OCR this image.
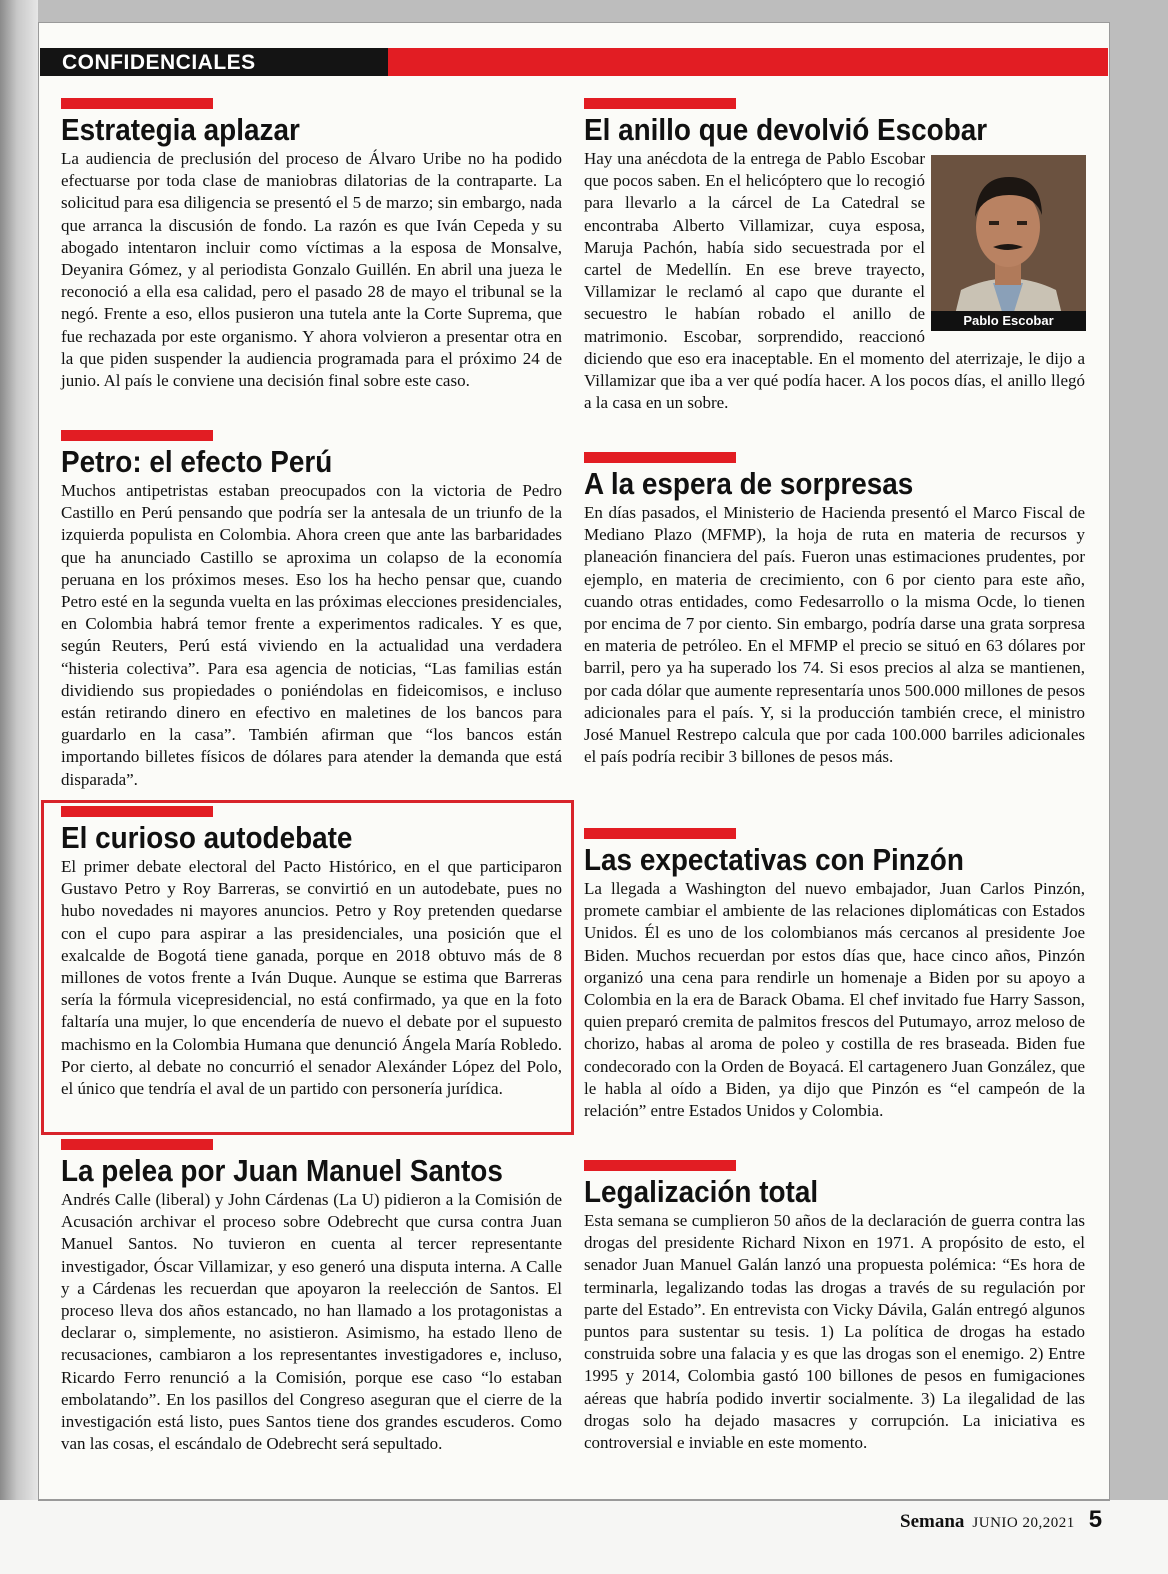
CONFIDENCIALES
Estrategia aplazar

La audiencia de preclusión del proceso de Álvaro Uribe no ha podido efectuarse por toda clase de maniobras dilatorias de la contraparte. La solicitud para esa diligencia se presentó el 5 de marzo; sin embargo, nada que arranca la discusión de fondo. La razón es que Iván Cepeda y su abogado intentaron incluir como víctimas a la esposa de Monsalve, Deyanira Gómez, y al periodista Gonzalo Guillén. En abril una jueza le reconoció a ella esa calidad, pero el pasado 28 de mayo el tribunal se la negó. Frente a eso, ellos pusieron una tutela ante la Corte Suprema, que fue rechazada por este organismo. Y ahora volvieron a presentar otra en la que piden suspender la audiencia programada para el próximo 24 de junio. Al país le conviene una decisión final sobre este caso.

Petro: el efecto Perú

Muchos antipetristas estaban preocupados con la victoria de Pedro Castillo en Perú pensando que podría ser la antesala de un triunfo de la izquierda populista en Colombia. Ahora creen que ante las barbaridades que ha anunciado Castillo se aproxima un colapso de la economía peruana en los próximos meses. Eso los ha hecho pensar que, cuando Petro esté en la segunda vuelta en las próximas elecciones presidenciales, en Colombia habrá temor frente a experimentos radicales. Y es que, según Reuters, Perú está viviendo en la actualidad una verdadera “histeria colectiva”. Para esa agencia de noticias, “Las familias están dividiendo sus propiedades o poniéndolas en fideicomisos, e incluso están retirando dinero en efectivo en maletines de los bancos para guardarlo en la casa”. También afirman que “los bancos están importando billetes físicos de dólares para atender la demanda que está disparada”.

El curioso autodebate

El primer debate electoral del Pacto Histórico, en el que participaron Gustavo Petro y Roy Barreras, se convirtió en un autodebate, pues no hubo novedades ni mayores anuncios. Petro y Roy pretenden quedarse con el cupo para aspirar a las presidenciales, una posición que el exalcalde de Bogotá tiene ganada, porque en 2018 obtuvo más de 8 millones de votos frente a Iván Duque. Aunque se estima que Barreras sería la fórmula vicepresidencial, no está confirmado, ya que en la foto faltaría una mujer, lo que encendería de nuevo el debate por el supuesto machismo en la Colombia Humana que denunció Ángela María Robledo. Por cierto, al debate no concurrió el senador Alexánder López del Polo, el único que tendría el aval de un partido con personería jurídica.

La pelea por Juan Manuel Santos

Andrés Calle (liberal) y John Cárdenas (La U) pidieron a la Comisión de Acusación archivar el proceso sobre Odebrecht que cursa contra Juan Manuel Santos. No tuvieron en cuenta al tercer representante investigador, Óscar Villamizar, y eso generó una disputa interna. A Calle y a Cárdenas les recuerdan que apoyaron la reelección de Santos. El proceso lleva dos años estancado, no han llamado a los protagonistas a declarar o, simplemente, no asistieron. Asimismo, ha estado lleno de recusaciones, cambiaron a los representantes investigadores e, incluso, Ricardo Ferro renunció a la Comisión, porque ese caso “lo estaban embolatando”. En los pasillos del Congreso aseguran que el cierre de la investigación está listo, pues Santos tiene dos grandes escuderos. Como van las cosas, el escándalo de Odebrecht será sepultado.

El anillo que devolvió Escobar

Hay una anécdota de la entrega de Pablo Escobar que pocos saben. En el helicóptero que lo recogió para llevarlo a la cárcel de La Catedral se encontraba Alberto Villamizar, cuya esposa, Maruja Pachón, había sido secuestrada por el cartel de Medellín. En ese breve trayecto, Villamizar le reclamó al capo que durante el secuestro le habían robado el anillo de matrimonio. Escobar, sorprendido, reaccionó diciendo que eso era inaceptable. En el momento del aterrizaje, le dijo a Villamizar que iba a ver qué podía hacer. A los pocos días, el anillo llegó a la casa en un sobre.

Pablo Escobar
A la espera de sorpresas

En días pasados, el Ministerio de Hacienda presentó el Marco Fiscal de Mediano Plazo (MFMP), la hoja de ruta en materia de recursos y planeación financiera del país. Fueron unas estimaciones prudentes, por ejemplo, en materia de crecimiento, con 6 por ciento para este año, cuando otras entidades, como Fedesarrollo o la misma Ocde, lo tienen por encima de 7 por ciento. Sin embargo, podría darse una grata sorpresa en materia de petróleo. En el MFMP el precio se situó en 63 dólares por barril, pero ya ha superado los 74. Si esos precios al alza se mantienen, por cada dólar que aumente representaría unos 500.000 millones de pesos adicionales para el país. Y, si la producción también crece, el ministro José Manuel Restrepo calcula que por cada 100.000 barriles adicionales el país podría recibir 3 billones de pesos más.

Las expectativas con Pinzón

La llegada a Washington del nuevo embajador, Juan Carlos Pinzón, promete cambiar el ambiente de las relaciones diplomáticas con Estados Unidos. Él es uno de los colombianos más cercanos al presidente Joe Biden. Muchos recuerdan por estos días que, hace cinco años, Pinzón organizó una cena para rendirle un homenaje a Biden por su apoyo a Colombia en la era de Barack Obama. El chef invitado fue Harry Sasson, quien preparó cremita de palmitos frescos del Putumayo, arroz meloso de chorizo, habas al aroma de poleo y costilla de res braseada. Biden fue condecorado con la Orden de Boyacá. El cartagenero Juan González, que le habla al oído a Biden, ya dijo que Pinzón es “el campeón de la relación” entre Estados Unidos y Colombia.

Legalización total

Esta semana se cumplieron 50 años de la declaración de guerra contra las drogas del presidente Richard Nixon en 1971. A propósito de esto, el senador Juan Manuel Galán lanzó una propuesta polémica: “Es hora de terminarla, legalizando todas las drogas a través de su regulación por parte del Estado”. En entrevista con Vicky Dávila, Galán entregó algunos puntos para sustentar su tesis. 1) La política de drogas ha estado construida sobre una falacia y es que las drogas son el enemigo. 2) Entre 1995 y 2014, Colombia gastó 100 billones de pesos en fumigaciones aéreas que habría podido invertir socialmente. 3) La ilegalidad de las drogas solo ha dejado masacres y corrupción. La iniciativa es controversial e inviable en este momento.

Semana JUNIO 20,2021 5
